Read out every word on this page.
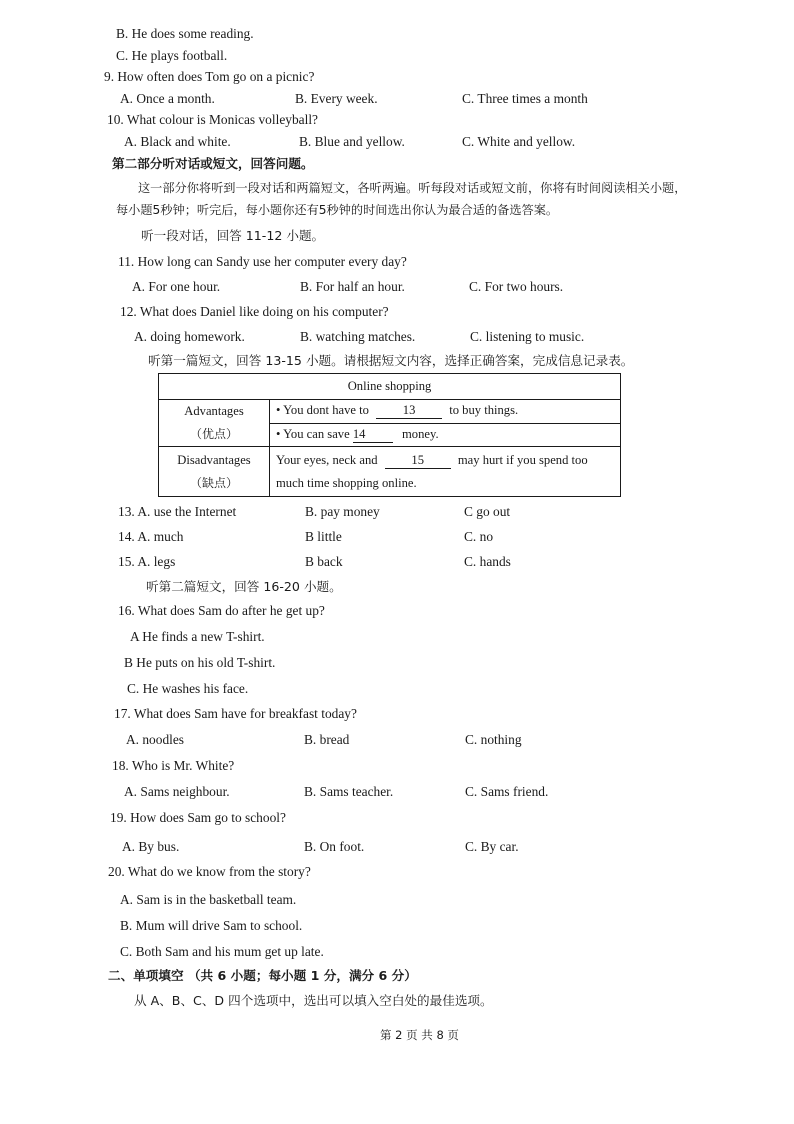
B. He does some reading.
C. He plays football.
9. How often does Tom go on a picnic?
A. Once a month.	B. Every week.	C. Three times a month
10. What colour is Monicas volleyball?
A. Black and white.	B. Blue and yellow.	C. White and yellow.
第二部分听对话或短文，回答问题。
这一部分你将听到一段对话和两篇短文，各听两遍。听每段对话或短文前，你将有时间阅读相关小题，
每小题5秒钟；听完后，每小题你还有5秒钟的时间选出你认为最合适的备选答案。
听一段对话，回答 11-12 小题。
11. How long can Sandy use her computer every day?
A. For one hour.	B. For half an hour.	C. For two hours.
12. What does Daniel like doing on his computer?
A. doing homework.	B. watching matches.	C. listening to music.
听第一篇短文，回答 13-15 小题。请根据短文内容，选择正确答案，完成信息记录表。
Online shopping	
Advantages
（优点）	• You dont have to 13 to buy things.
	• You can save 14 money.
Disadvantages
（缺点）	Your eyes, neck and 15 may hurt if you spend too
much time shopping online.
13. A. use the Internet	B. pay money	C go out
14. A. much	B little	C. no
15. A. legs	B back	C. hands
听第二篇短文，回答 16-20 小题。
16. What does Sam do after he get up?
A He finds a new T-shirt.
B He puts on his old T-shirt.
C. He washes his face.
17. What does Sam have for breakfast today?
A. noodles	B. bread	C. nothing
18. Who is Mr. White?
A. Sams neighbour.	B. Sams teacher.	C. Sams friend.
19. How does Sam go to school?
A. By bus.	B. On foot.	C. By car.
20. What do we know from the story?
A. Sam is in the basketball team.
B. Mum will drive Sam to school.
C. Both Sam and his mum get up late.
二、单项填空 （共 6 小题；每小题 1 分，满分 6 分）
从 A、B、C、D 四个选项中，选出可以填入空白处的最佳选项。
第 2 页 共 8 页
